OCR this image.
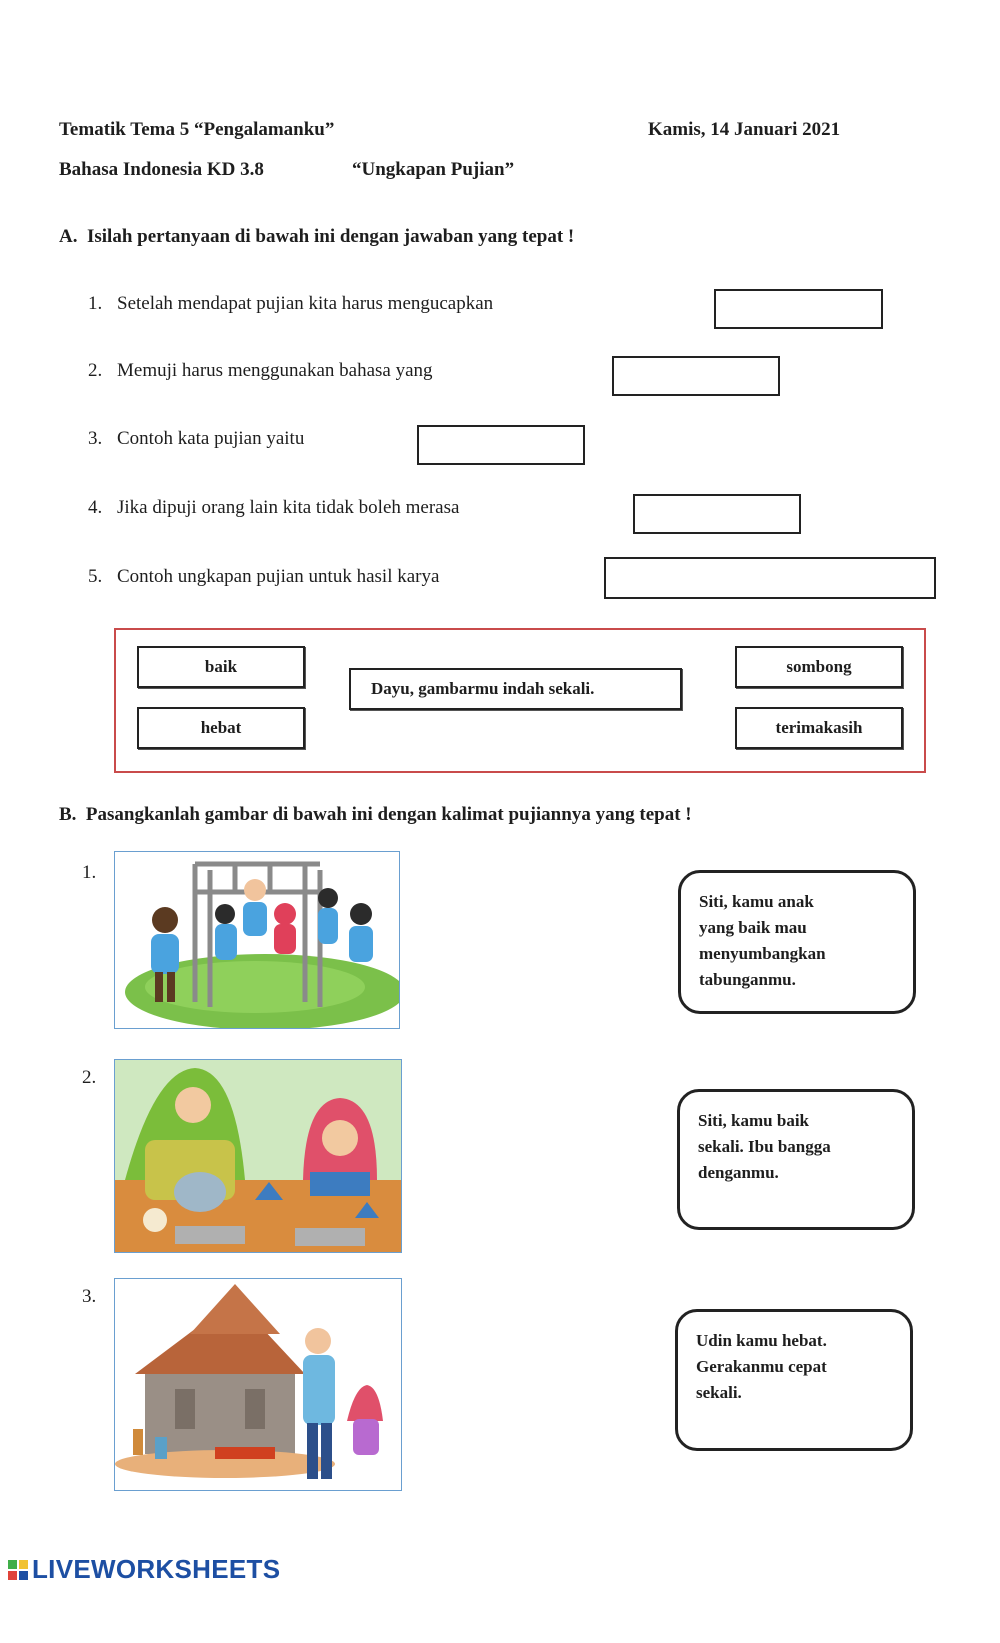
Tematik Tema 5 “Pengalamanku”	Kamis, 14 Januari 2021
Bahasa Indonesia KD 3.8	“Ungkapan Pujian”
A.  Isilah pertanyaan di bawah ini dengan jawaban yang tepat !
1. Setelah mendapat pujian kita harus mengucapkan
2. Memuji harus menggunakan bahasa yang
3. Contoh kata pujian yaitu
4. Jika dipuji orang lain kita tidak boleh merasa
5. Contoh ungkapan pujian untuk hasil karya
baik
hebat
Dayu, gambarmu indah sekali.
sombong
terimakasih
B.  Pasangkanlah gambar di bawah ini dengan kalimat pujiannya yang tepat !
1.
Siti, kamu anak yang baik mau menyumbangkan tabunganmu.
2.
Siti, kamu baik sekali. Ibu bangga denganmu.
3.
Udin kamu hebat. Gerakanmu cepat sekali.
LIVEWORKSHEETS
